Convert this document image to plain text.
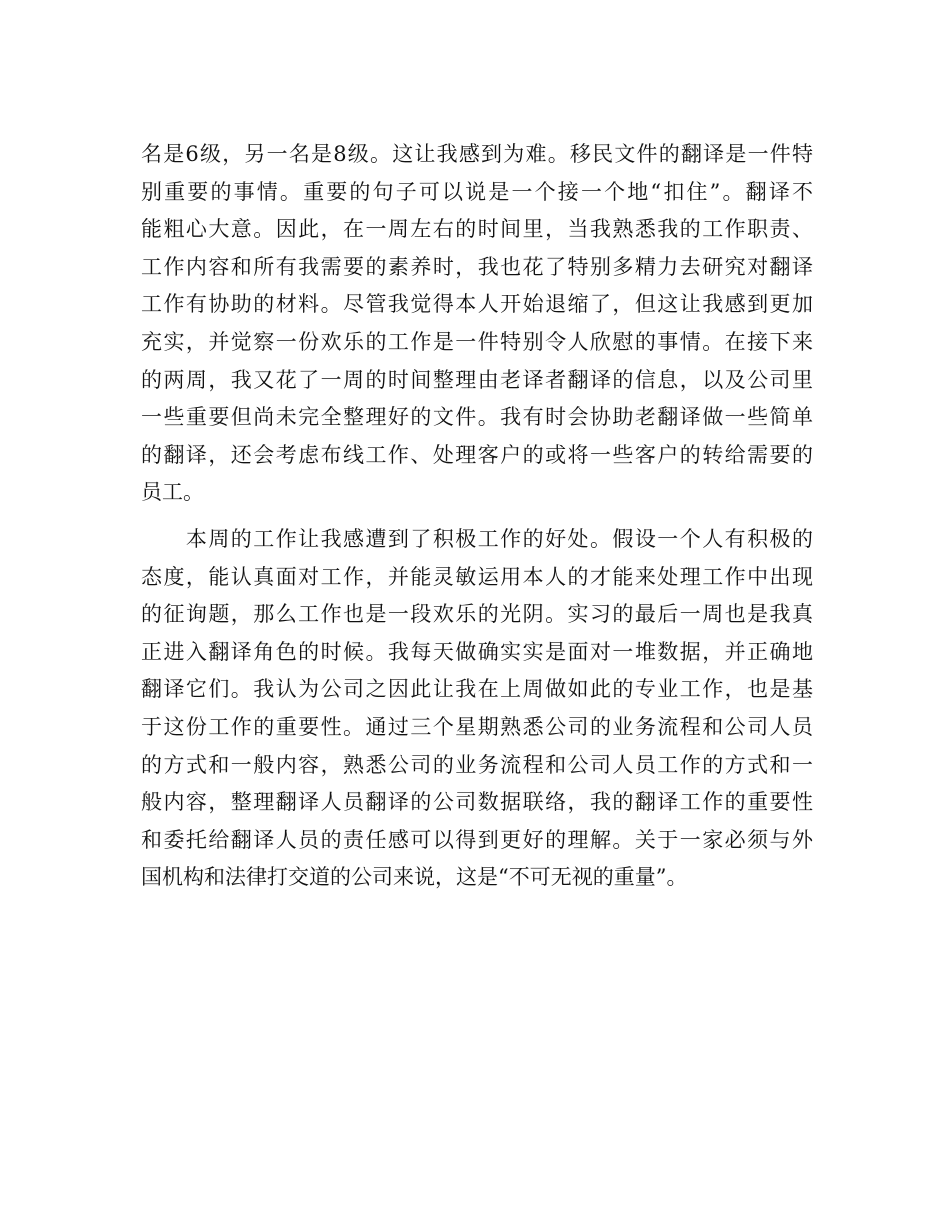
名是6级，另一名是8级。这让我感到为难。移民文件的翻译是一件特
别重要的事情。重要的句子可以说是一个接一个地“扣住”。翻译不
能粗心大意。因此，在一周左右的时间里，当我熟悉我的工作职责、
工作内容和所有我需要的素养时，我也花了特别多精力去研究对翻译
工作有协助的材料。尽管我觉得本人开始退缩了，但这让我感到更加
充实，并觉察一份欢乐的工作是一件特别令人欣慰的事情。在接下来
的两周，我又花了一周的时间整理由老译者翻译的信息，以及公司里
一些重要但尚未完全整理好的文件。我有时会协助老翻译做一些简单
的翻译，还会考虑布线工作、处理客户的或将一些客户的转给需要的
员工。
　　本周的工作让我感遭到了积极工作的好处。假设一个人有积极的
态度，能认真面对工作，并能灵敏运用本人的才能来处理工作中出现
的征询题，那么工作也是一段欢乐的光阴。实习的最后一周也是我真
正进入翻译角色的时候。我每天做确实实是面对一堆数据，并正确地
翻译它们。我认为公司之因此让我在上周做如此的专业工作，也是基
于这份工作的重要性。通过三个星期熟悉公司的业务流程和公司人员
的方式和一般内容，熟悉公司的业务流程和公司人员工作的方式和一
般内容，整理翻译人员翻译的公司数据联络，我的翻译工作的重要性
和委托给翻译人员的责任感可以得到更好的理解。关于一家必须与外
国机构和法律打交道的公司来说，这是“不可无视的重量”。
